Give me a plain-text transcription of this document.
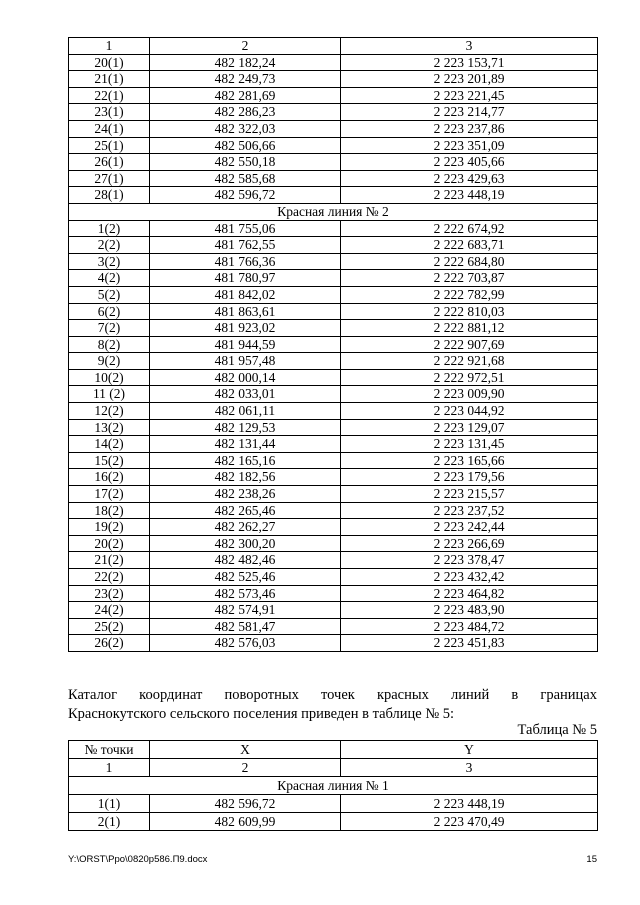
1	2	3
20(1)	482 182,24	2 223 153,71
21(1)	482 249,73	2 223 201,89
22(1)	482 281,69	2 223 221,45
23(1)	482 286,23	2 223 214,77
24(1)	482 322,03	2 223 237,86
25(1)	482 506,66	2 223 351,09
26(1)	482 550,18	2 223 405,66
27(1)	482 585,68	2 223 429,63
28(1)	482 596,72	2 223 448,19
Красная линия № 2		
1(2)	481 755,06	2 222 674,92
2(2)	481 762,55	2 222 683,71
3(2)	481 766,36	2 222 684,80
4(2)	481 780,97	2 222 703,87
5(2)	481 842,02	2 222 782,99
6(2)	481 863,61	2 222 810,03
7(2)	481 923,02	2 222 881,12
8(2)	481 944,59	2 222 907,69
9(2)	481 957,48	2 222 921,68
10(2)	482 000,14	2 222 972,51
11 (2)	482 033,01	2 223 009,90
12(2)	482 061,11	2 223 044,92
13(2)	482 129,53	2 223 129,07
14(2)	482 131,44	2 223 131,45
15(2)	482 165,16	2 223 165,66
16(2)	482 182,56	2 223 179,56
17(2)	482 238,26	2 223 215,57
18(2)	482 265,46	2 223 237,52
19(2)	482 262,27	2 223 242,44
20(2)	482 300,20	2 223 266,69
21(2)	482 482,46	2 223 378,47
22(2)	482 525,46	2 223 432,42
23(2)	482 573,46	2 223 464,82
24(2)	482 574,91	2 223 483,90
25(2)	482 581,47	2 223 484,72
26(2)	482 576,03	2 223 451,83
Каталог координат поворотных точек красных линий в границах
Краснокутского сельского поселения приведен в таблице № 5:
Таблица № 5
№ точки	X	Y
1	2	3
Красная линия № 1		
1(1)	482 596,72	2 223 448,19
2(1)	482 609,99	2 223 470,49
Y:\ORST\Ppo\0820p586.П9.docx	15
